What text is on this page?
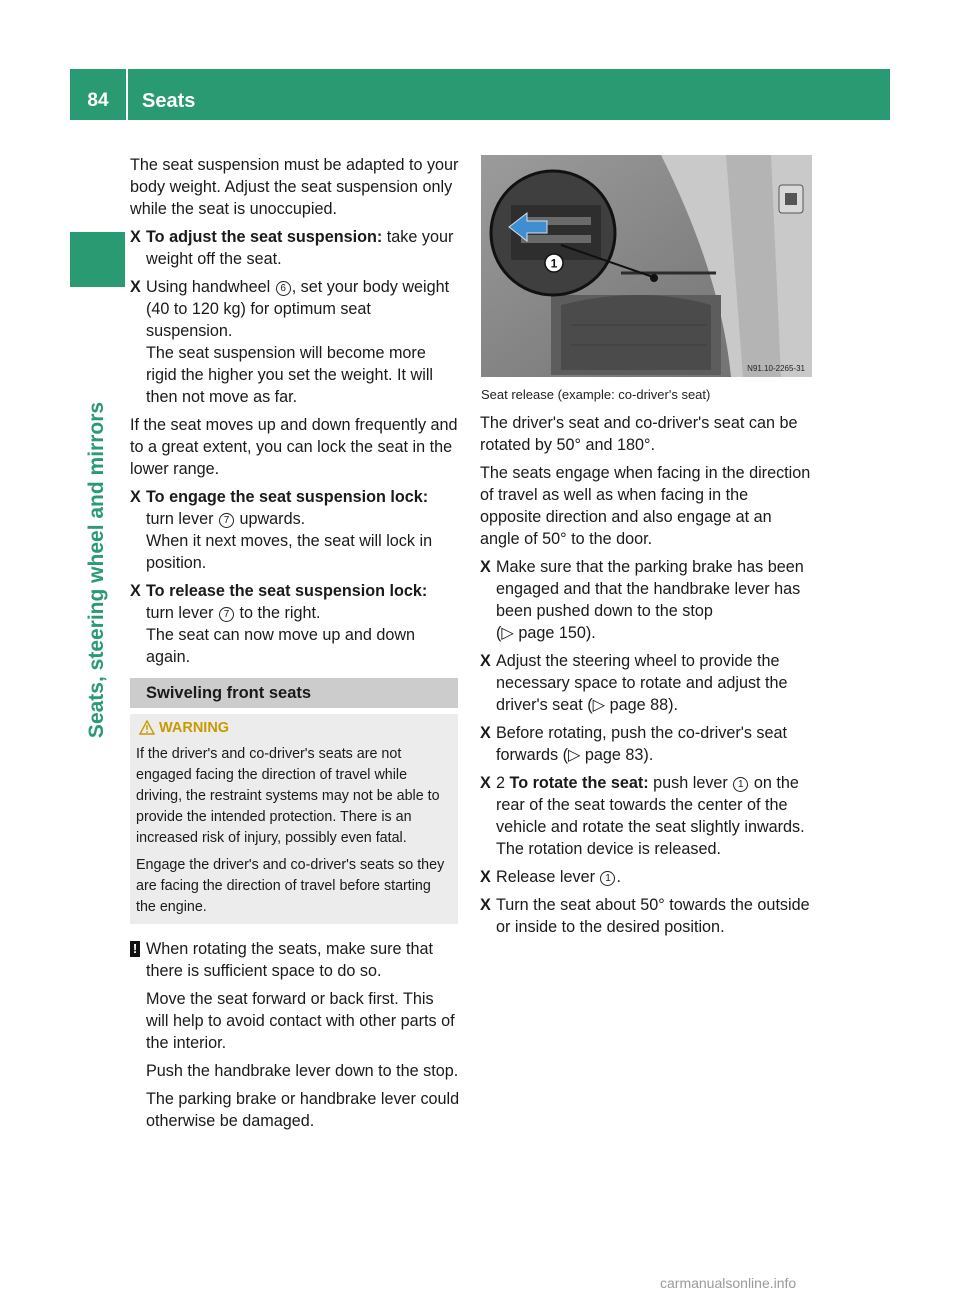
84	Seats
Seats, steering wheel and mirrors

The seat suspension must be adapted to your body weight. Adjust the seat suspension only while the seat is unoccupied.

X
To adjust the seat suspension: take your weight off the seat.
X
Using handwheel 6 , set your body weight (40 to 120 kg) for optimum seat suspension.
The seat suspension will become more rigid the higher you set the weight. It will then not move as far.

If the seat moves up and down frequently and to a great extent, you can lock the seat in the lower range.

X
To engage the seat suspension lock:
turn lever 7 upwards.
When it next moves, the seat will lock in position.
X
To release the seat suspension lock:
turn lever 7 to the right.
The seat can now move up and down again.
Swiveling front seats
WARNING

If the driver's and co-driver's seats are not engaged facing the direction of travel while driving, the restraint systems may not be able to provide the intended protection. There is an increased risk of injury, possibly even fatal.

Engage the driver's and co-driver's seats so they are facing the direction of travel before starting the engine.

! When rotating the seats, make sure that there is sufficient space to do so.

Move the seat forward or back first. This will help to avoid contact with other parts of the interior.

Push the handbrake lever down to the stop.

The parking brake or handbrake lever could otherwise be damaged.

1
N91.10-2265-31
Seat release (example: co-driver's seat)

The driver's seat and co-driver's seat can be rotated by 50° and 180°.

The seats engage when facing in the direction of travel as well as when facing in the opposite direction and also engage at an angle of 50° to the door.

X
Make sure that the parking brake has been engaged and that the handbrake lever has been pushed down to the stop
(▷ page 150).
X
Adjust the steering wheel to provide the necessary space to rotate and adjust the driver's seat (▷ page 88).
X
Before rotating, push the co-driver's seat forwards (▷ page 83).
X
2 To rotate the seat: push lever 1 on the rear of the seat towards the center of the vehicle and rotate the seat slightly inwards.
The rotation device is released.
X
Release lever 1 .
X
Turn the seat about 50° towards the outside or inside to the desired position.
carmanualsonline.info
